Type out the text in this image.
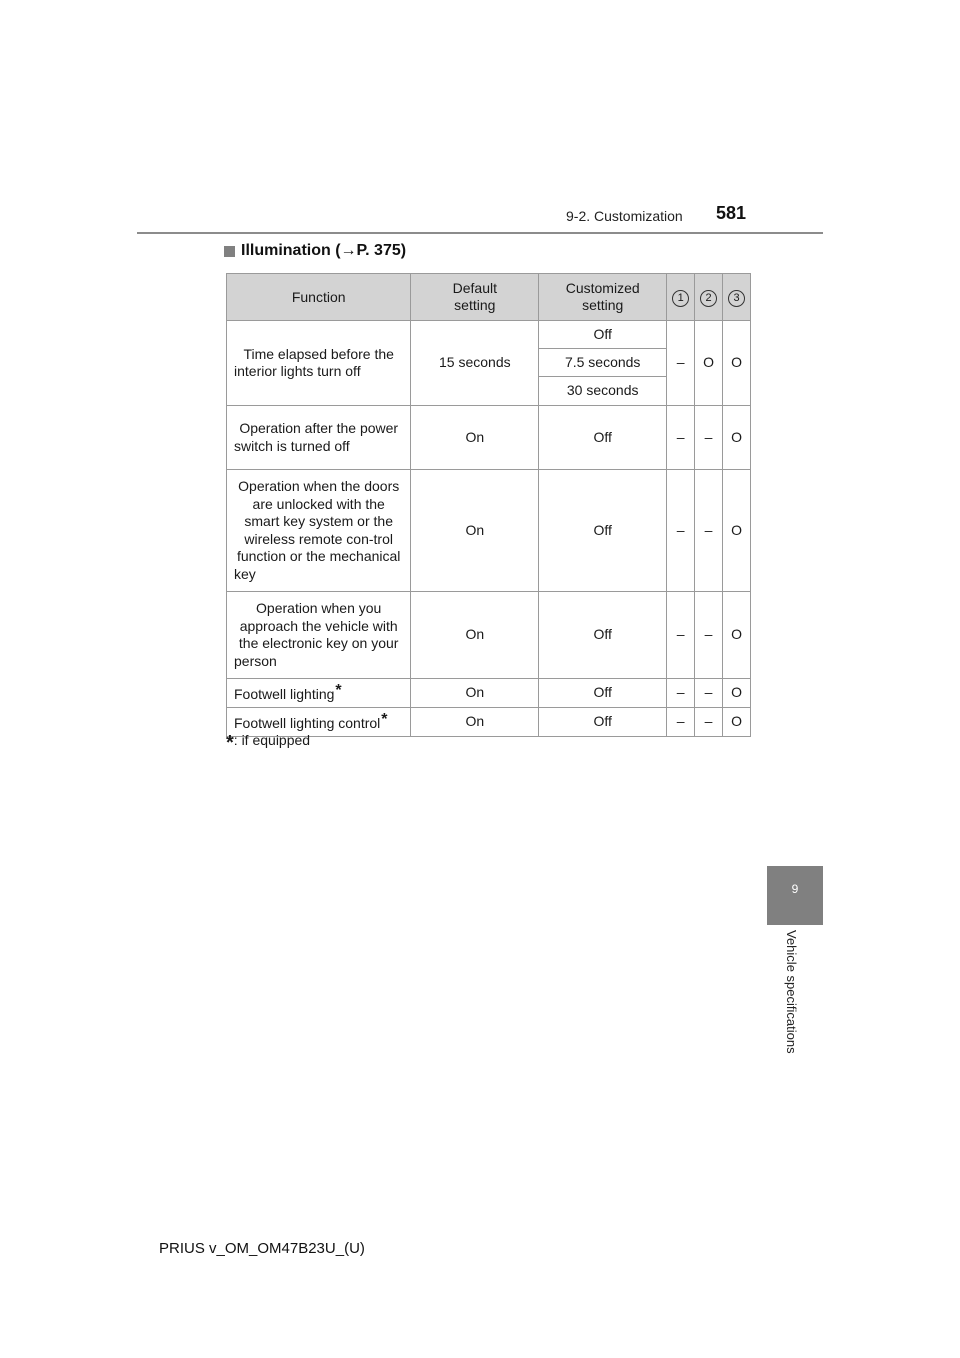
9-2. Customization 581
Illumination (→P. 375)
Function	Default setting	Customized setting	1	2	3
Time elapsed before the interior lights turn off	15 seconds	Off	–	O	O
		7.5 seconds			
		30 seconds			
Operation after the power switch is turned off	On	Off	–	–	O
Operation when the doors are unlocked with the smart key system or the wireless remote con-trol function or the mechanical key	On	Off	–	–	O
Operation when you approach the vehicle with the electronic key on your person	On	Off	–	–	O
Footwell lighting*	On	Off	–	–	O
Footwell lighting control*	On	Off	–	–	O
*: if equipped
9
Vehicle specifications
PRIUS v_OM_OM47B23U_(U)
